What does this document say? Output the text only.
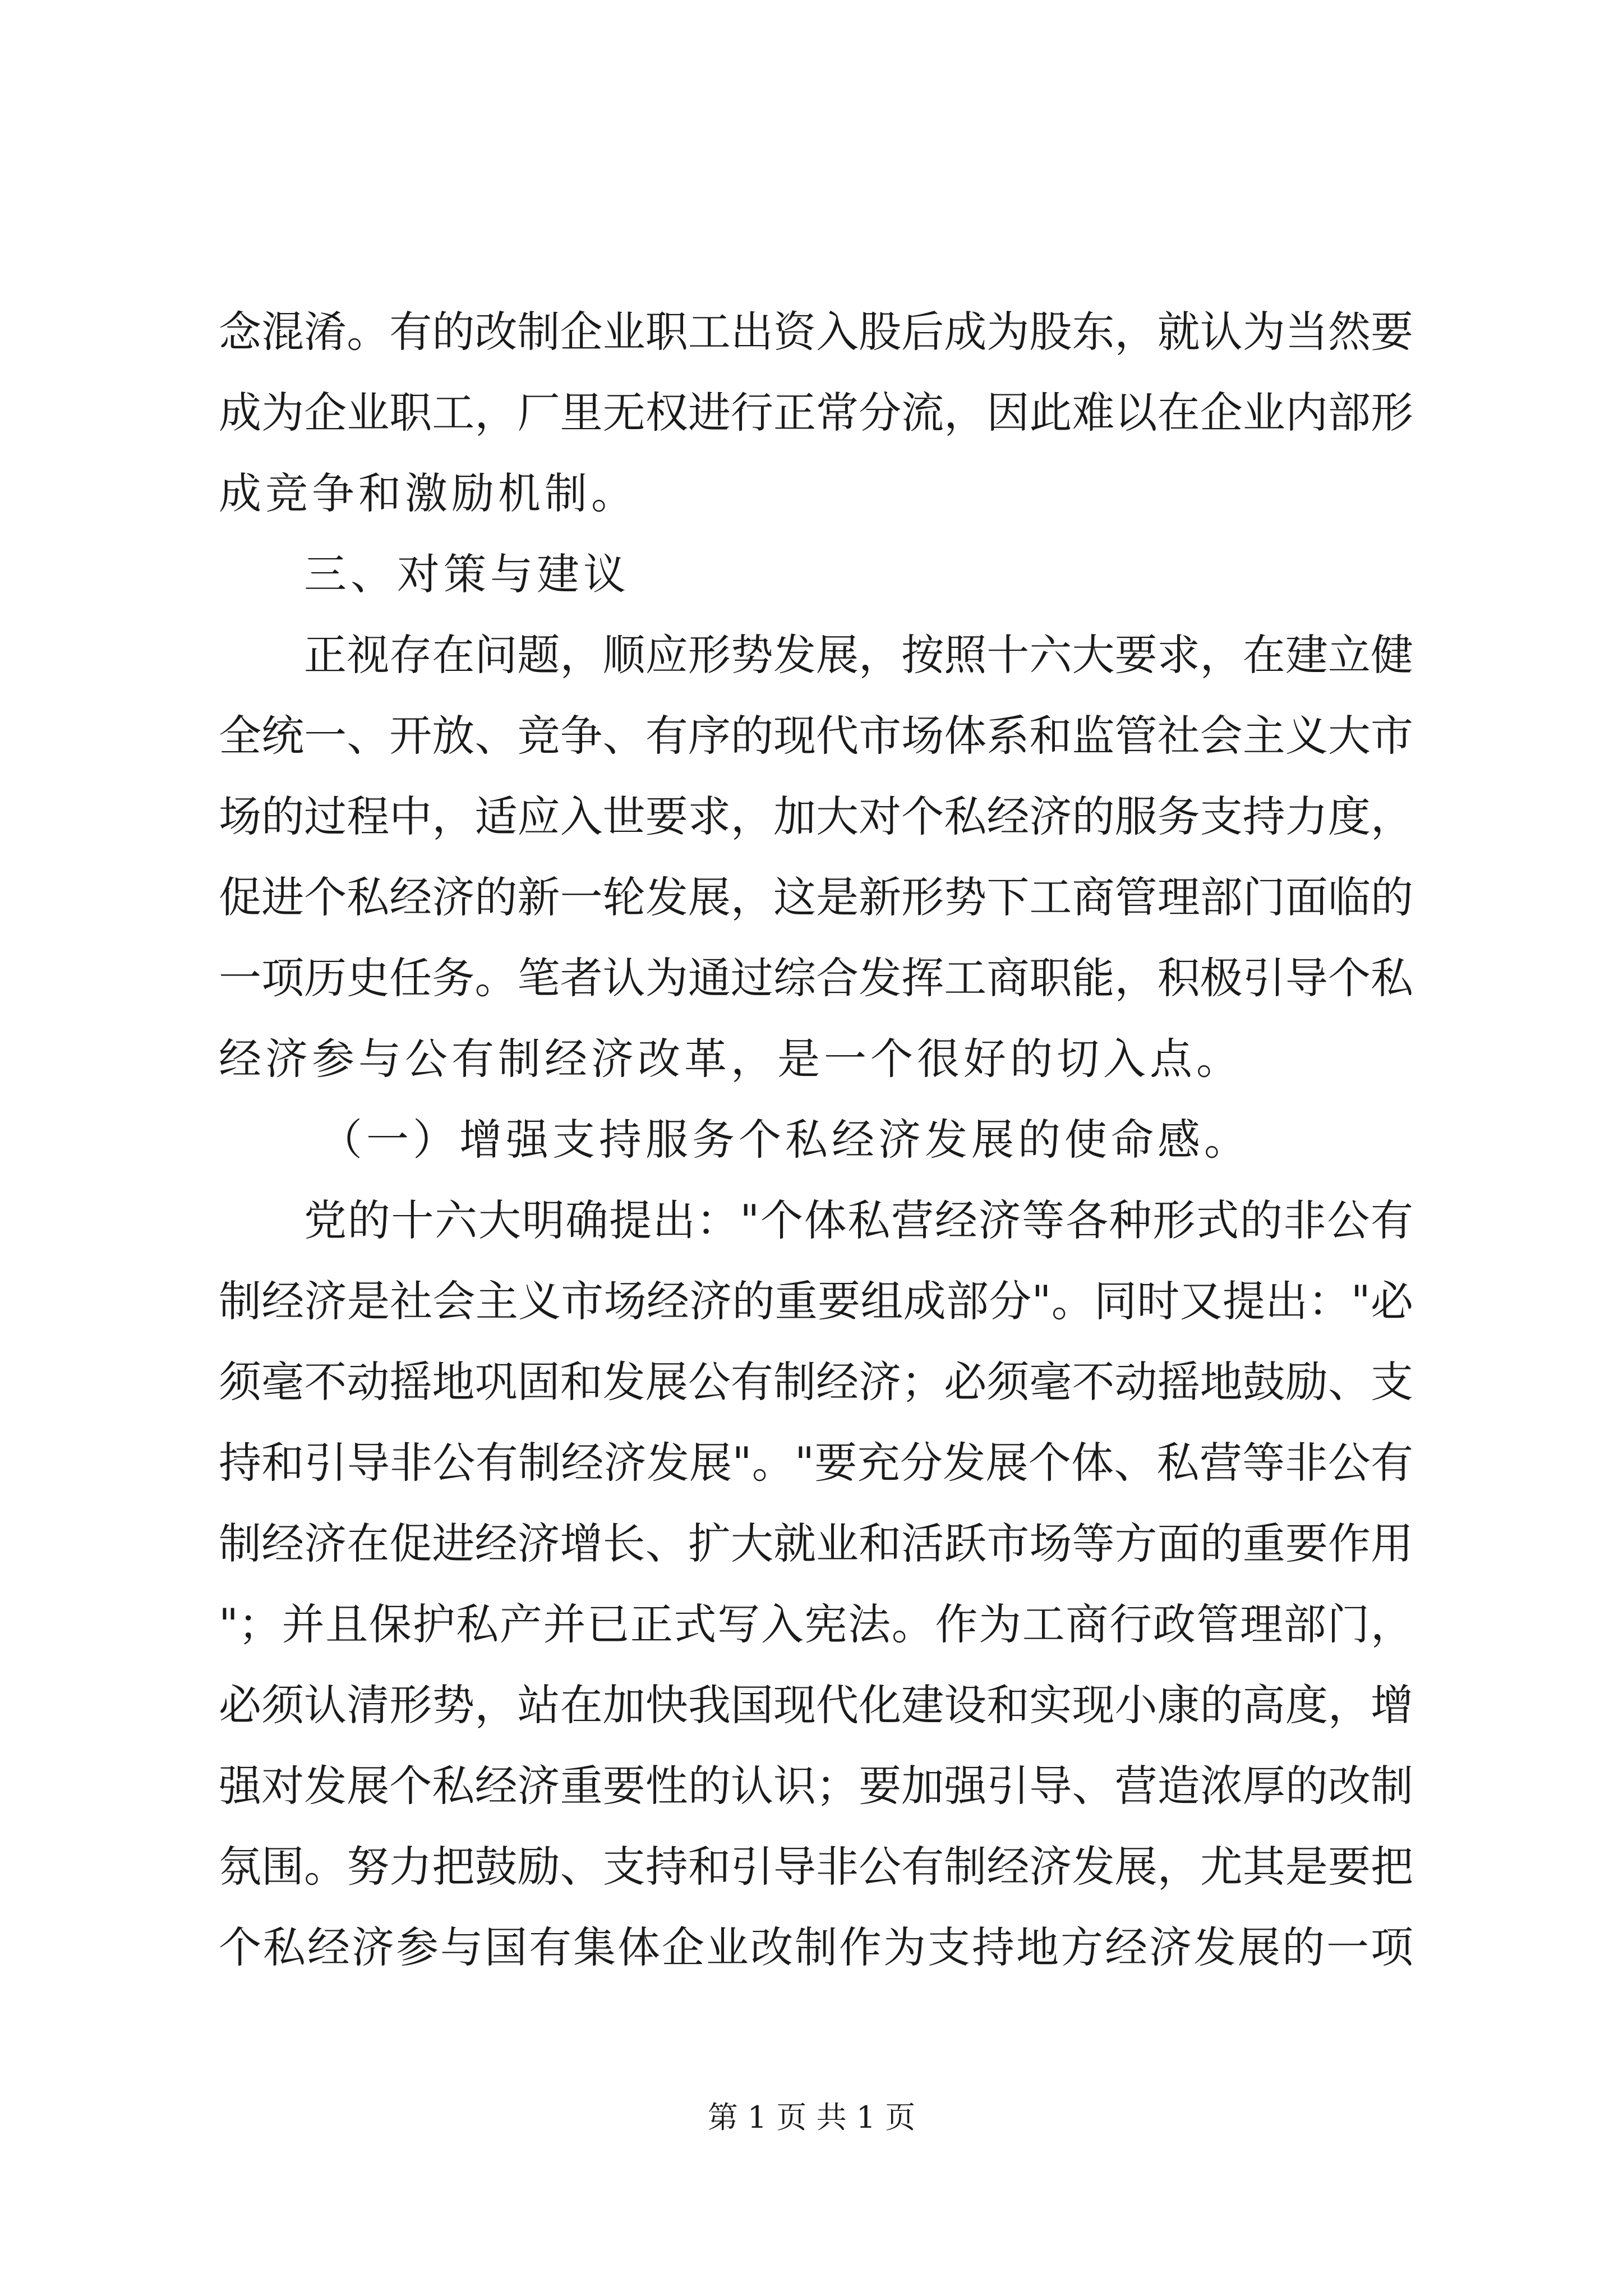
念混淆。有的改制企业职工出资入股后成为股东，就认为当然要
成为企业职工，厂里无权进行正常分流，因此难以在企业内部形
成竞争和激励机制。
三、对策与建议
正视存在问题，顺应形势发展，按照十六大要求，在建立健
全统一、开放、竞争、有序的现代市场体系和监管社会主义大市
场的过程中，适应入世要求，加大对个私经济的服务支持力度，
促进个私经济的新一轮发展，这是新形势下工商管理部门面临的
一项历史任务。笔者认为通过综合发挥工商职能，积极引导个私
经济参与公有制经济改革，是一个很好的切入点。
（一）增强支持服务个私经济发展的使命感。
党的十六大明确提出："个体私营经济等各种形式的非公有
制经济是社会主义市场经济的重要组成部分"。同时又提出："必
须毫不动摇地巩固和发展公有制经济；必须毫不动摇地鼓励、支
持和引导非公有制经济发展"。"要充分发展个体、私营等非公有
制经济在促进经济增长、扩大就业和活跃市场等方面的重要作用
"；并且保护私产并已正式写入宪法。作为工商行政管理部门，
必须认清形势，站在加快我国现代化建设和实现小康的高度，增
强对发展个私经济重要性的认识；要加强引导、营造浓厚的改制
氛围。努力把鼓励、支持和引导非公有制经济发展，尤其是要把
个私经济参与国有集体企业改制作为支持地方经济发展的一项
第 1 页 共 1 页
